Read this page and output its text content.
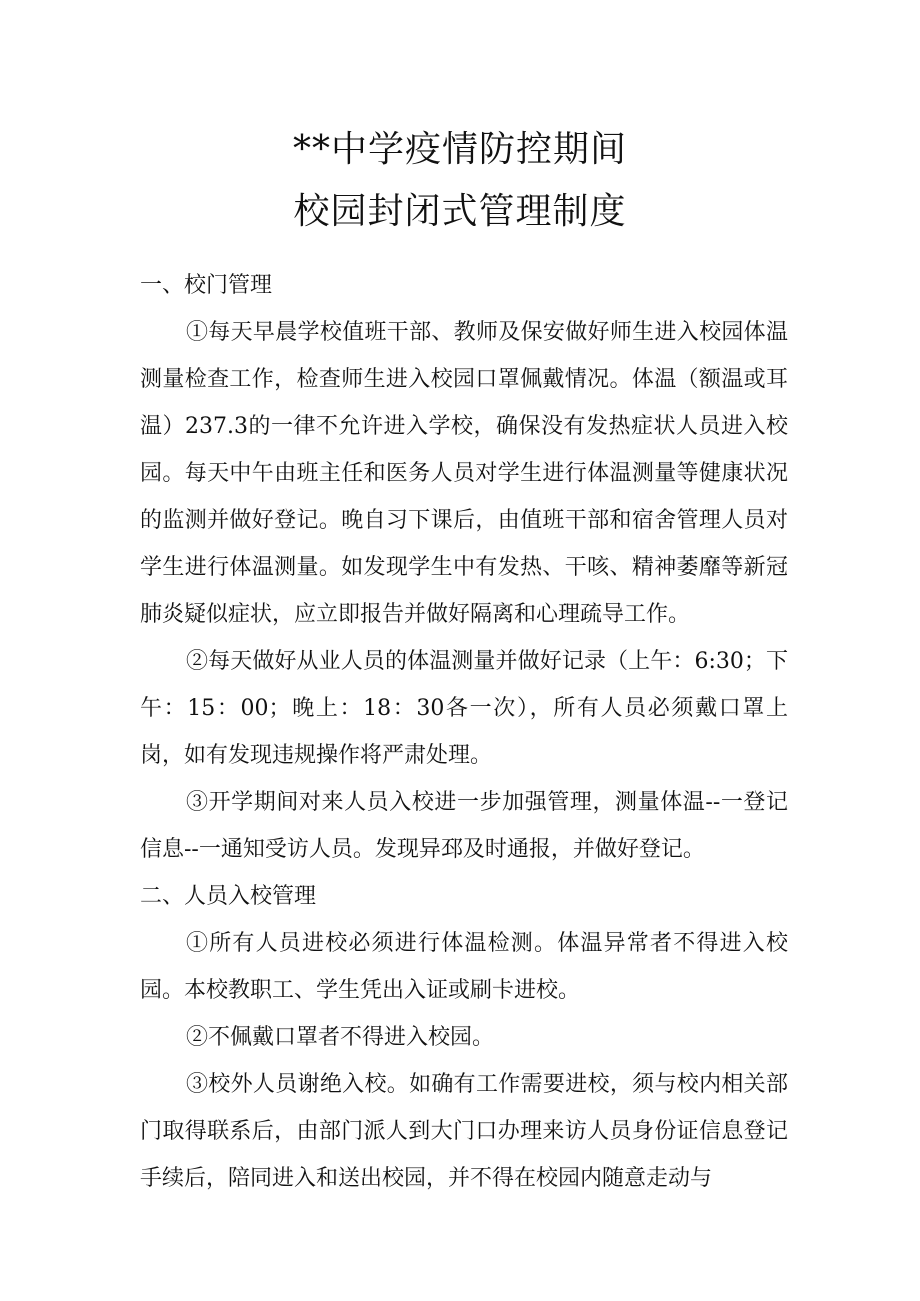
**中学疫情防控期间
校园封闭式管理制度

一、校门管理

①每天早晨学校值班干部、教师及保安做好师生进入校园体温测量检查工作，检查师生进入校园口罩佩戴情况。体温（额温或耳温）237.3的一律不允许进入学校，确保没有发热症状人员进入校园。每天中午由班主任和医务人员对学生进行体温测量等健康状况的监测并做好登记。晚自习下课后，由值班干部和宿舍管理人员对学生进行体温测量。如发现学生中有发热、干咳、精神萎靡等新冠肺炎疑似症状，应立即报告并做好隔离和心理疏导工作。

②每天做好从业人员的体温测量并做好记录（上午：6:30；下午：15：00；晚上：18：30各一次），所有人员必须戴口罩上岗，如有发现违规操作将严肃处理。

③开学期间对来人员入校进一步加强管理，测量体温--一登记信息--一通知受访人员。发现异邳及时通报，并做好登记。

二、人员入校管理

①所有人员进校必须进行体温检测。体温异常者不得进入校园。本校教职工、学生凭出入证或刷卡进校。

②不佩戴口罩者不得进入校园。

③校外人员谢绝入校。如确有工作需要进校，须与校内相关部门取得联系后，由部门派人到大门口办理来访人员身份证信息登记手续后，陪同进入和送出校园，并不得在校园内随意走动与
